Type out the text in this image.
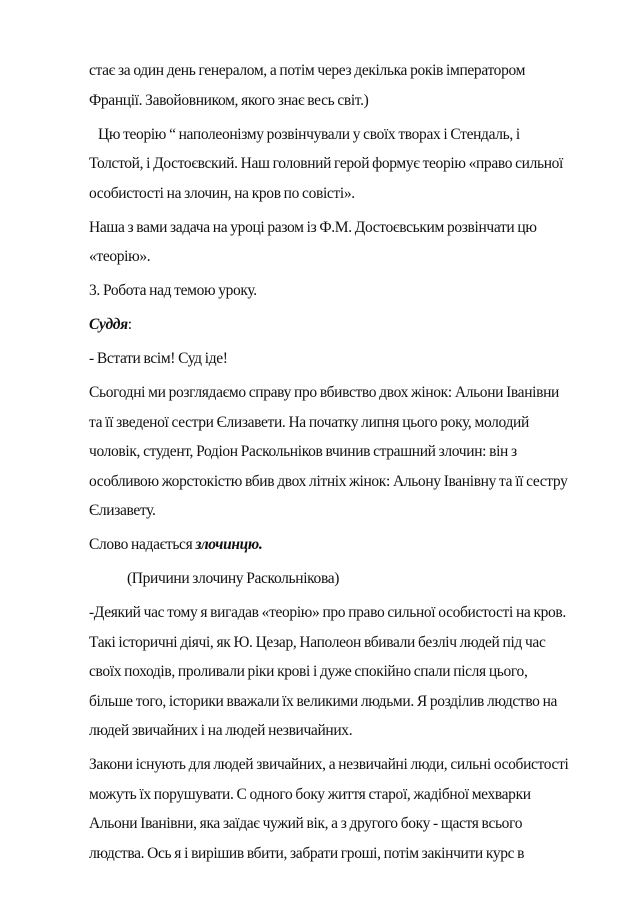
стає за один день генералом, а потім через декілька років імператором
Франції. Завойовником, якого знає весь світ.)
Цю теорію “ наполеонізму розвінчували у своїх творах і Стендаль, і
Толстой, і Достоєвский. Наш головний герой формує теорію «право сильної
особистості на злочин, на кров по совісті».
Наша з вами задача на уроці разом із Ф.М. Достоєвським розвінчати цю
«теорію».
3. Робота над темою уроку.
Суддя:
- Встати всім! Суд іде!
Сьогодні ми розглядаємо справу про вбивство двох жінок: Альони Іванівни
та її зведеної сестри Єлизавети. На початку липня цього року, молодий
чоловік, студент, Родіон Раскольніков вчинив страшний злочин: він з
особливою жорстокістю вбив двох літніх жінок: Альону Іванівну та її сестру
Єлизавету.
Слово надається злочинцю.
(Причини злочину Раскольнікова)
-Деякий час тому я вигадав «теорію» про право сильної особистості на кров.
Такі історичні діячі, як Ю. Цезар, Наполеон вбивали безліч людей під час
своїх походів, проливали ріки крові і дуже спокійно спали після цього,
більше того, історики вважали їх великими людьми. Я розділив людство на
людей звичайних і на людей незвичайних.
Закони існують для людей звичайних, а незвичайні люди, сильні особистості
можуть їх порушувати. С одного боку життя старої, жадібної мехварки
Альони Іванівни, яка заїдає чужий вік, а з другого боку - щастя всього
людства. Ось я і вирішив вбити, забрати гроші, потім закінчити курс в
